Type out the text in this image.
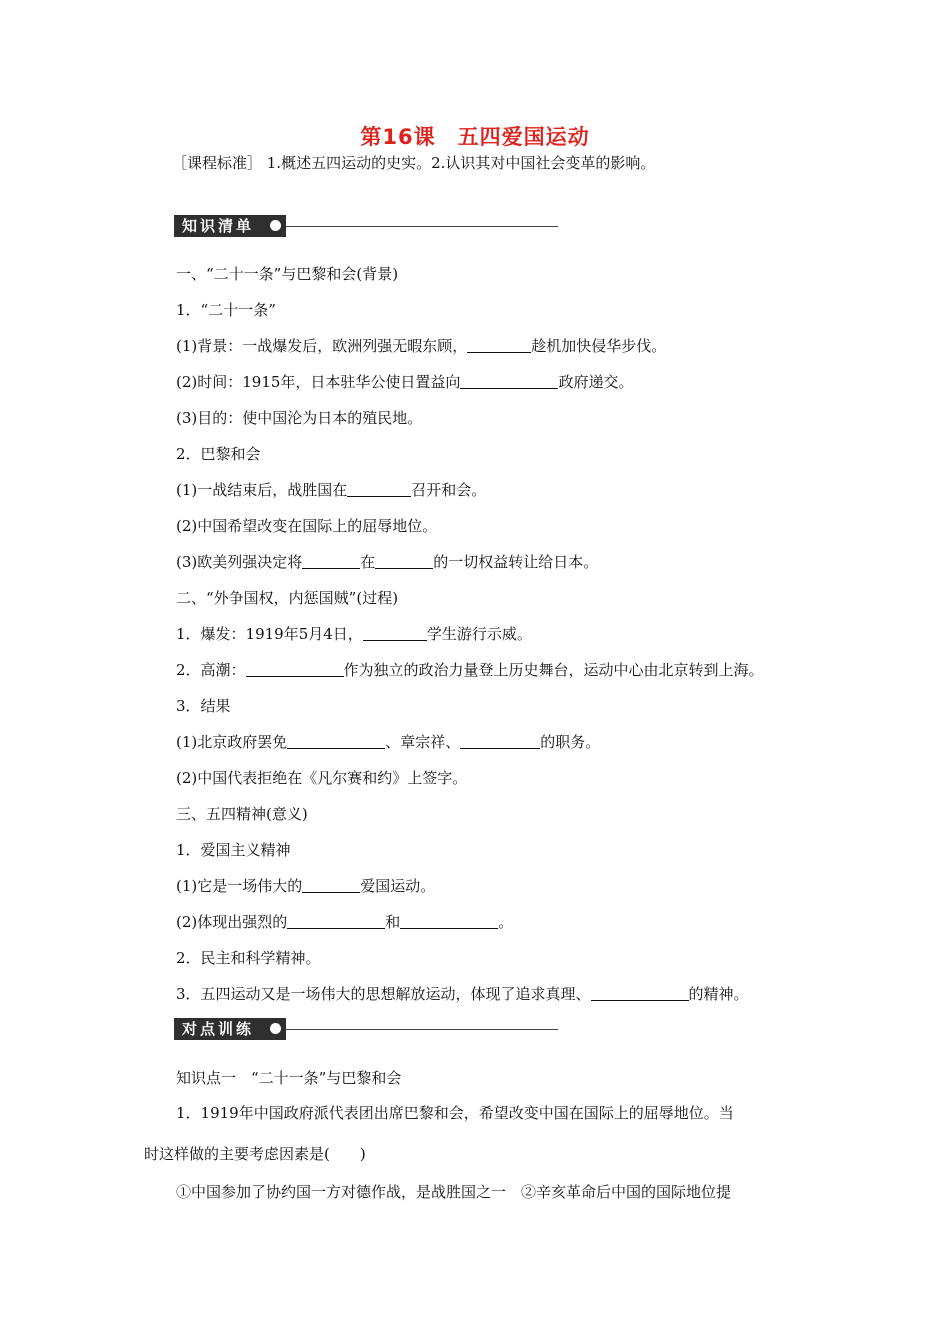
第16课　五四爱国运动
［课程标准］ 1.概述五四运动的史实。2.认识其对中国社会变革的影响。
知识清单
一、“二十一条”与巴黎和会(背景)
1．“二十一条”
(1)背景：一战爆发后，欧洲列强无暇东顾，	趁机加快侵华步伐。
(2)时间：1915年，日本驻华公使日置益向	政府递交。
(3)目的：使中国沦为日本的殖民地。
2．巴黎和会
(1)一战结束后，战胜国在	召开和会。
(2)中国希望改变在国际上的屈辱地位。
(3)欧美列强决定将	在	的一切权益转让给日本。
二、“外争国权，内惩国贼”(过程)
1．爆发：1919年5月4日，	学生游行示威。
2．高潮：	作为独立的政治力量登上历史舞台，运动中心由北京转到上海。
3．结果
(1)北京政府罢免	、章宗祥、	的职务。
(2)中国代表拒绝在《凡尔赛和约》上签字。
三、五四精神(意义)
1．爱国主义精神
(1)它是一场伟大的	爱国运动。
(2)体现出强烈的	和	。
2．民主和科学精神。
3．五四运动又是一场伟大的思想解放运动，体现了追求真理、	的精神。
对点训练
知识点一　“二十一条”与巴黎和会
1．1919年中国政府派代表团出席巴黎和会，希望改变中国在国际上的屈辱地位。当
时这样做的主要考虑因素是(　　)
①中国参加了协约国一方对德作战，是战胜国之一　②辛亥革命后中国的国际地位提
